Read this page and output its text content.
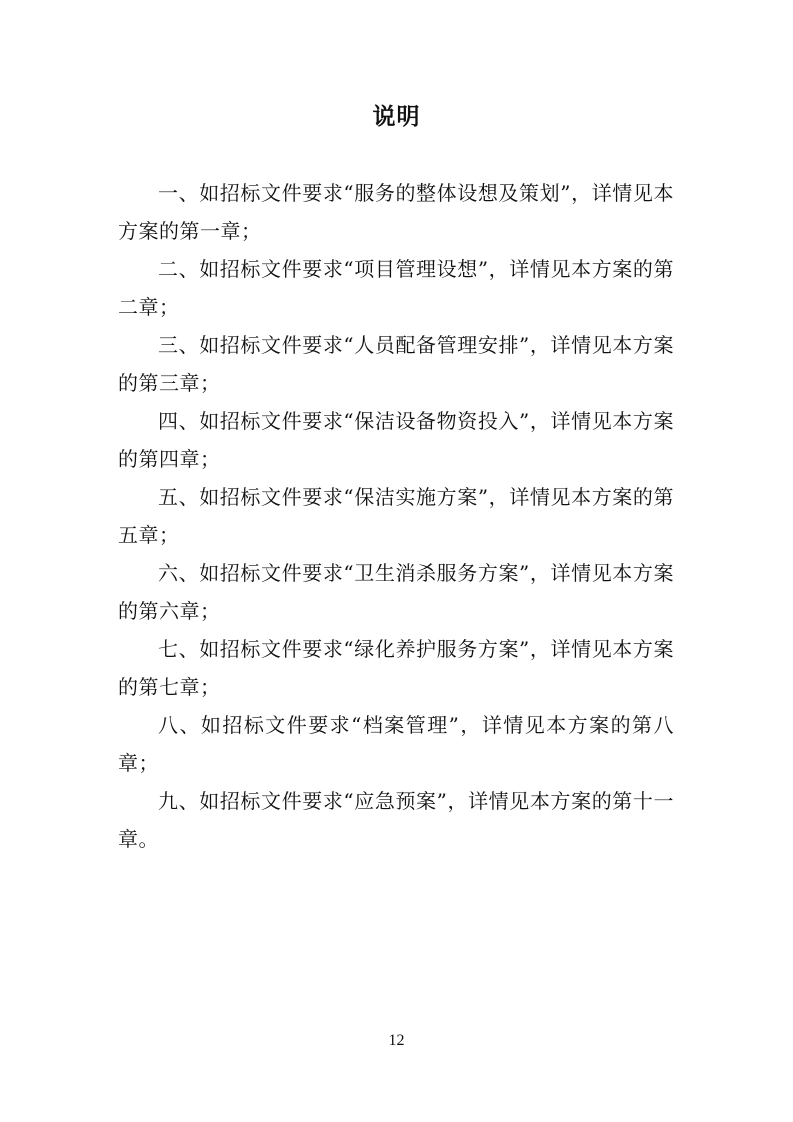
说明

一、如招标文件要求“服务的整体设想及策划”，详情见本方案的第一章；

二、如招标文件要求“项目管理设想”，详情见本方案的第二章；

三、如招标文件要求“人员配备管理安排”，详情见本方案的第三章；

四、如招标文件要求“保洁设备物资投入”，详情见本方案的第四章；

五、如招标文件要求“保洁实施方案”，详情见本方案的第五章；

六、如招标文件要求“卫生消杀服务方案”，详情见本方案的第六章；

七、如招标文件要求“绿化养护服务方案”，详情见本方案的第七章；

八、如招标文件要求“档案管理”，详情见本方案的第八章；

九、如招标文件要求“应急预案”，详情见本方案的第十一章。

12
